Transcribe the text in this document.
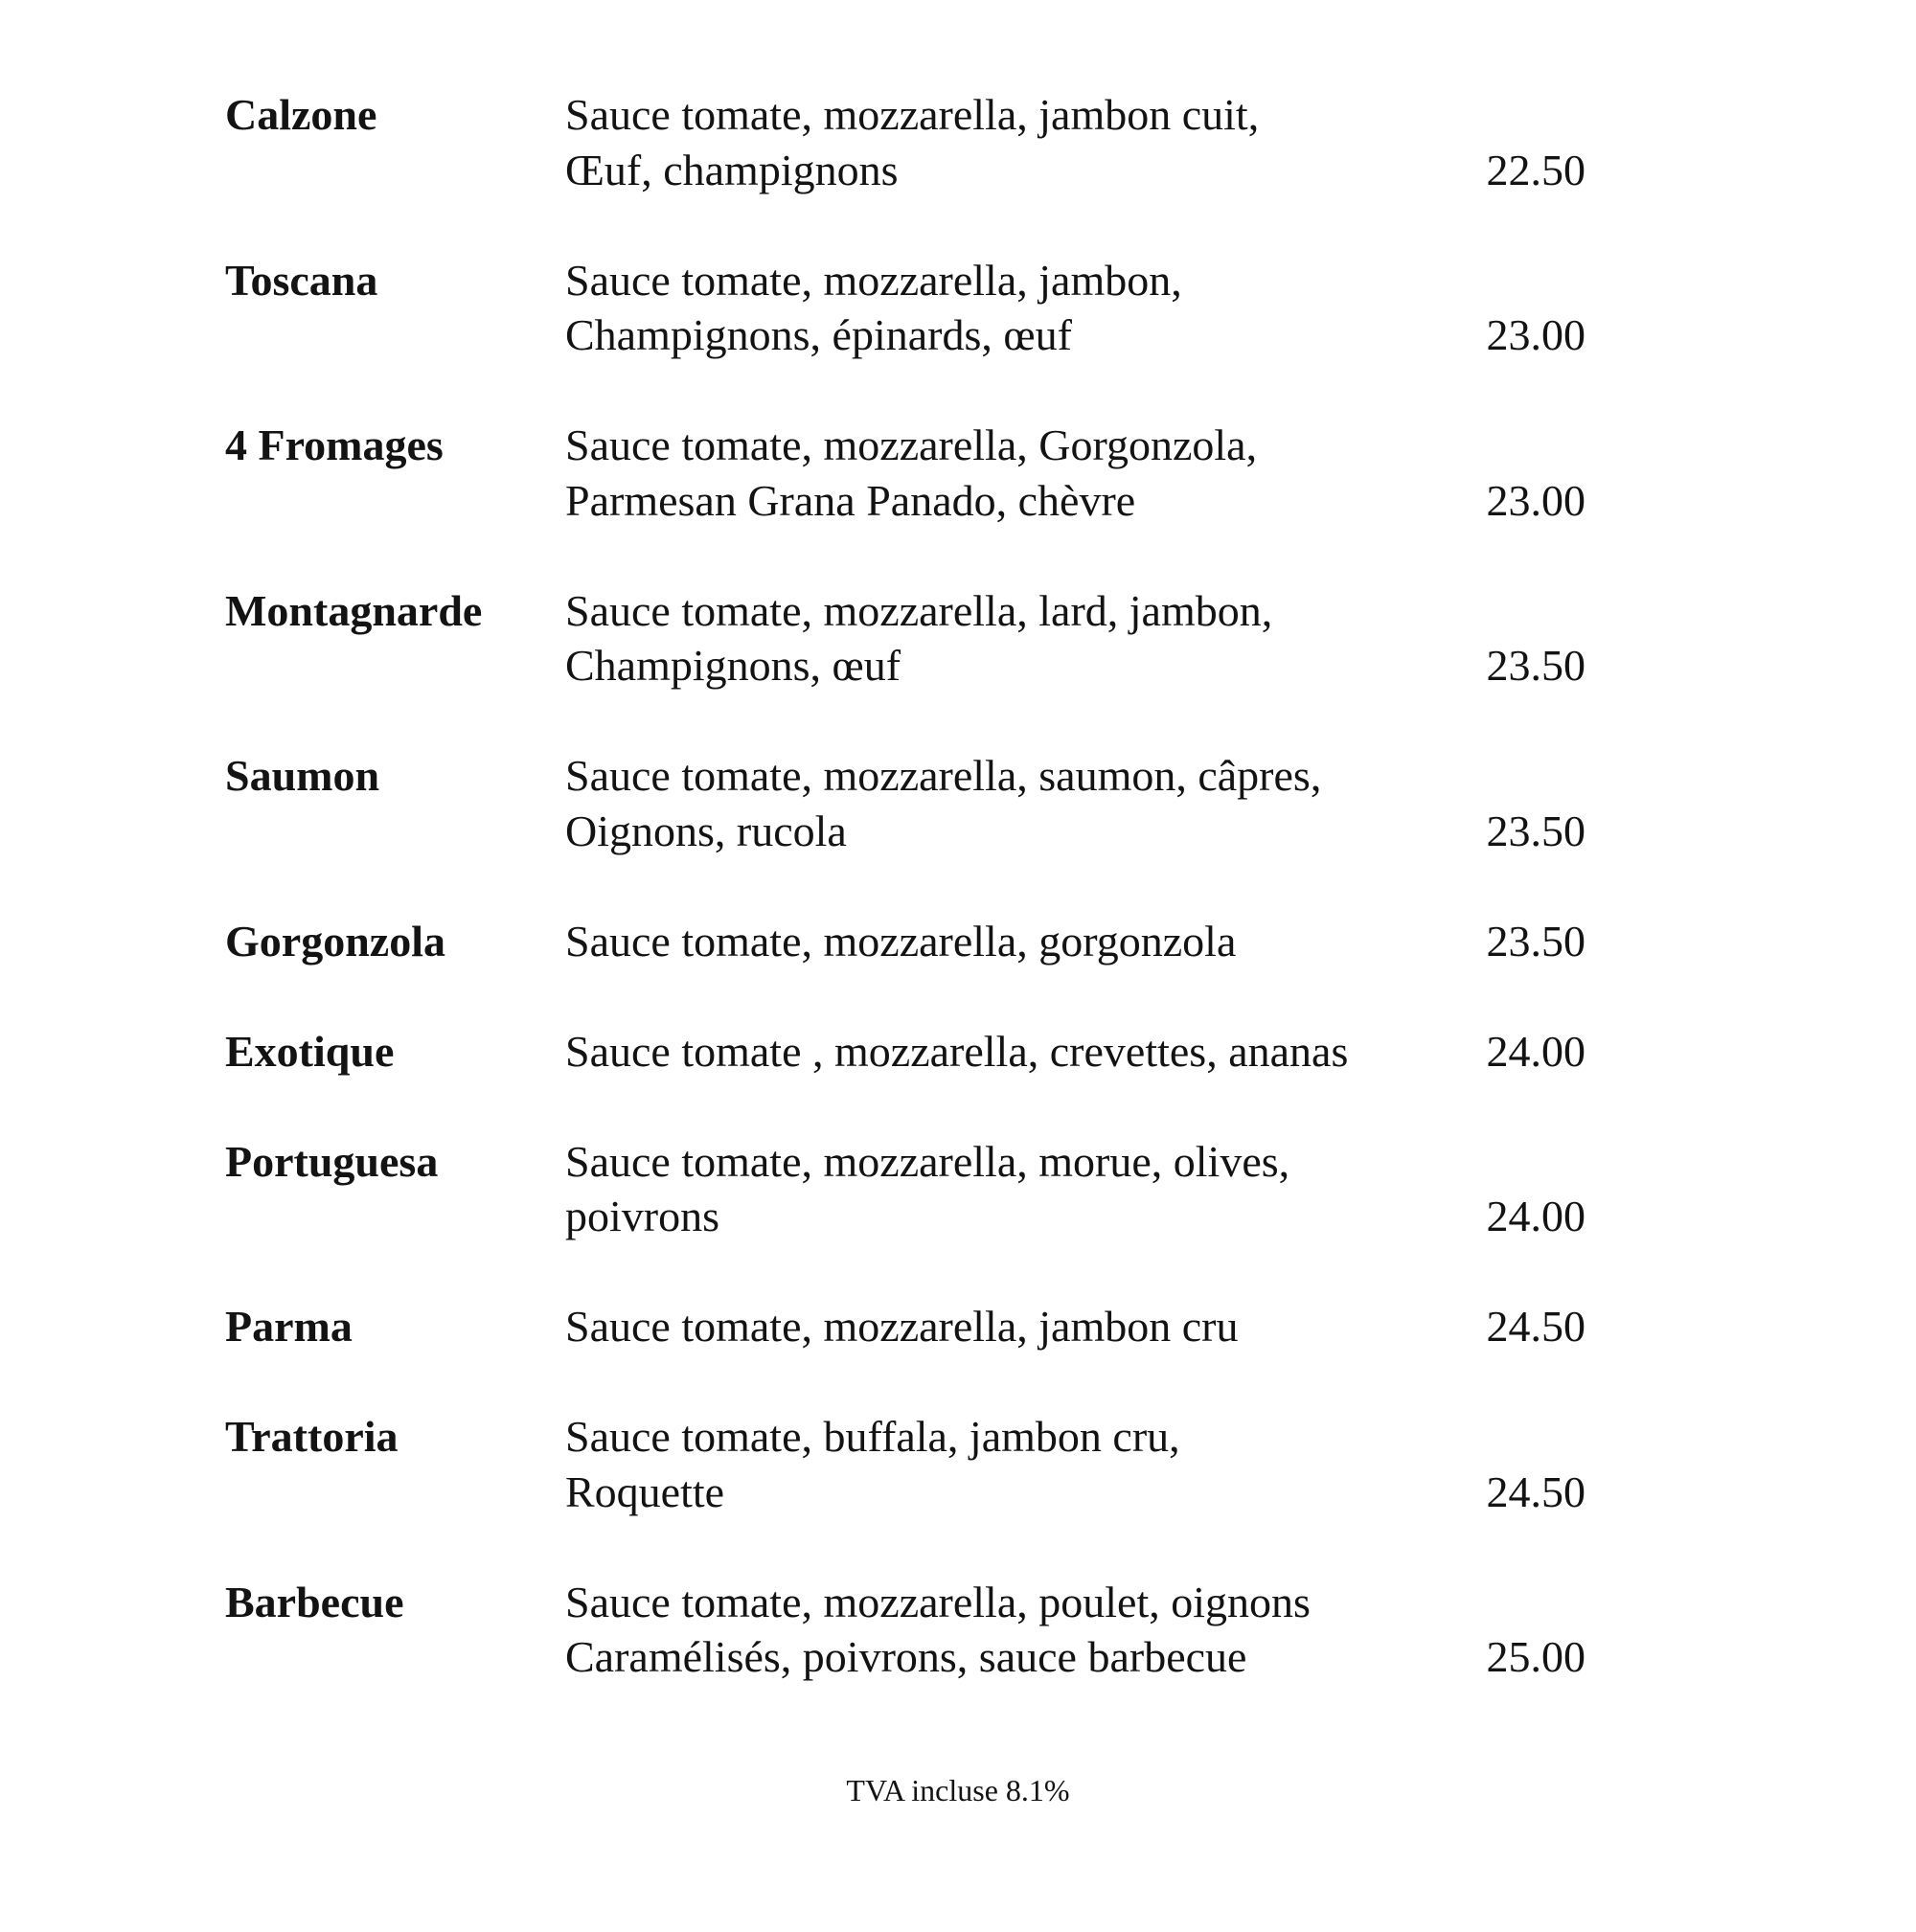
Calzone	Sauce tomate, mozzarella, jambon cuit,
Œuf, champignons	22.50
Toscana	Sauce tomate, mozzarella, jambon,
Champignons, épinards, œuf	23.00
4 Fromages	Sauce tomate, mozzarella, Gorgonzola,
Parmesan Grana Panado, chèvre	23.00
Montagnarde	Sauce tomate, mozzarella, lard, jambon,
Champignons, œuf	23.50
Saumon	Sauce tomate, mozzarella, saumon, câpres,
Oignons, rucola	23.50
Gorgonzola	Sauce tomate, mozzarella, gorgonzola	23.50
Exotique	Sauce tomate , mozzarella, crevettes, ananas	24.00
Portuguesa	Sauce tomate, mozzarella, morue, olives,
poivrons	24.00
Parma	Sauce tomate, mozzarella, jambon cru	24.50
Trattoria	Sauce tomate, buffala, jambon cru,
Roquette	24.50
Barbecue	Sauce tomate, mozzarella, poulet, oignons
Caramélisés, poivrons, sauce barbecue	25.00
TVA incluse 8.1%
